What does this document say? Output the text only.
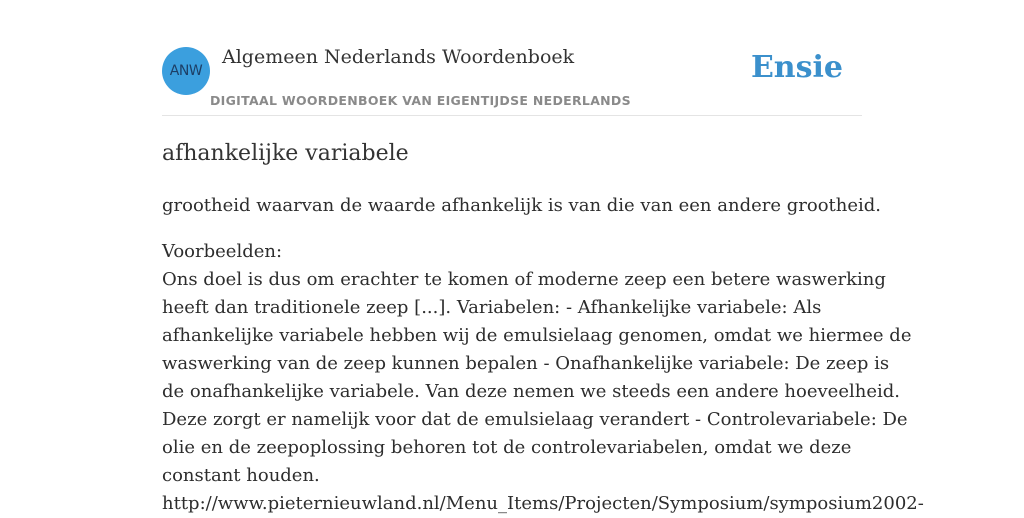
ANW
Algemeen Nederlands Woordenboek
DIGITAAL WOORDENBOEK VAN EIGENTIJDSE NEDERLANDS
Ensie
afhankelijke variabele

grootheid waarvan de waarde afhankelijk is van die van een andere grootheid.

Voorbeelden:

Ons doel is dus om erachter te komen of moderne zeep een betere waswerking

heeft dan traditionele zeep [...]. Variabelen: - Afhankelijke variabele: Als

afhankelijke variabele hebben wij de emulsielaag genomen, omdat we hiermee de

waswerking van de zeep kunnen bepalen - Onafhankelijke variabele: De zeep is

de onafhankelijke variabele. Van deze nemen we steeds een andere hoeveelheid.

Deze zorgt er namelijk voor dat de emulsielaag verandert - Controlevariabele: De

olie en de zeepoplossing behoren tot de controlevariabelen, omdat we deze

constant houden.

http://www.pieternieuwland.nl/Menu_Items/Projecten/Symposium/symposium2002-
